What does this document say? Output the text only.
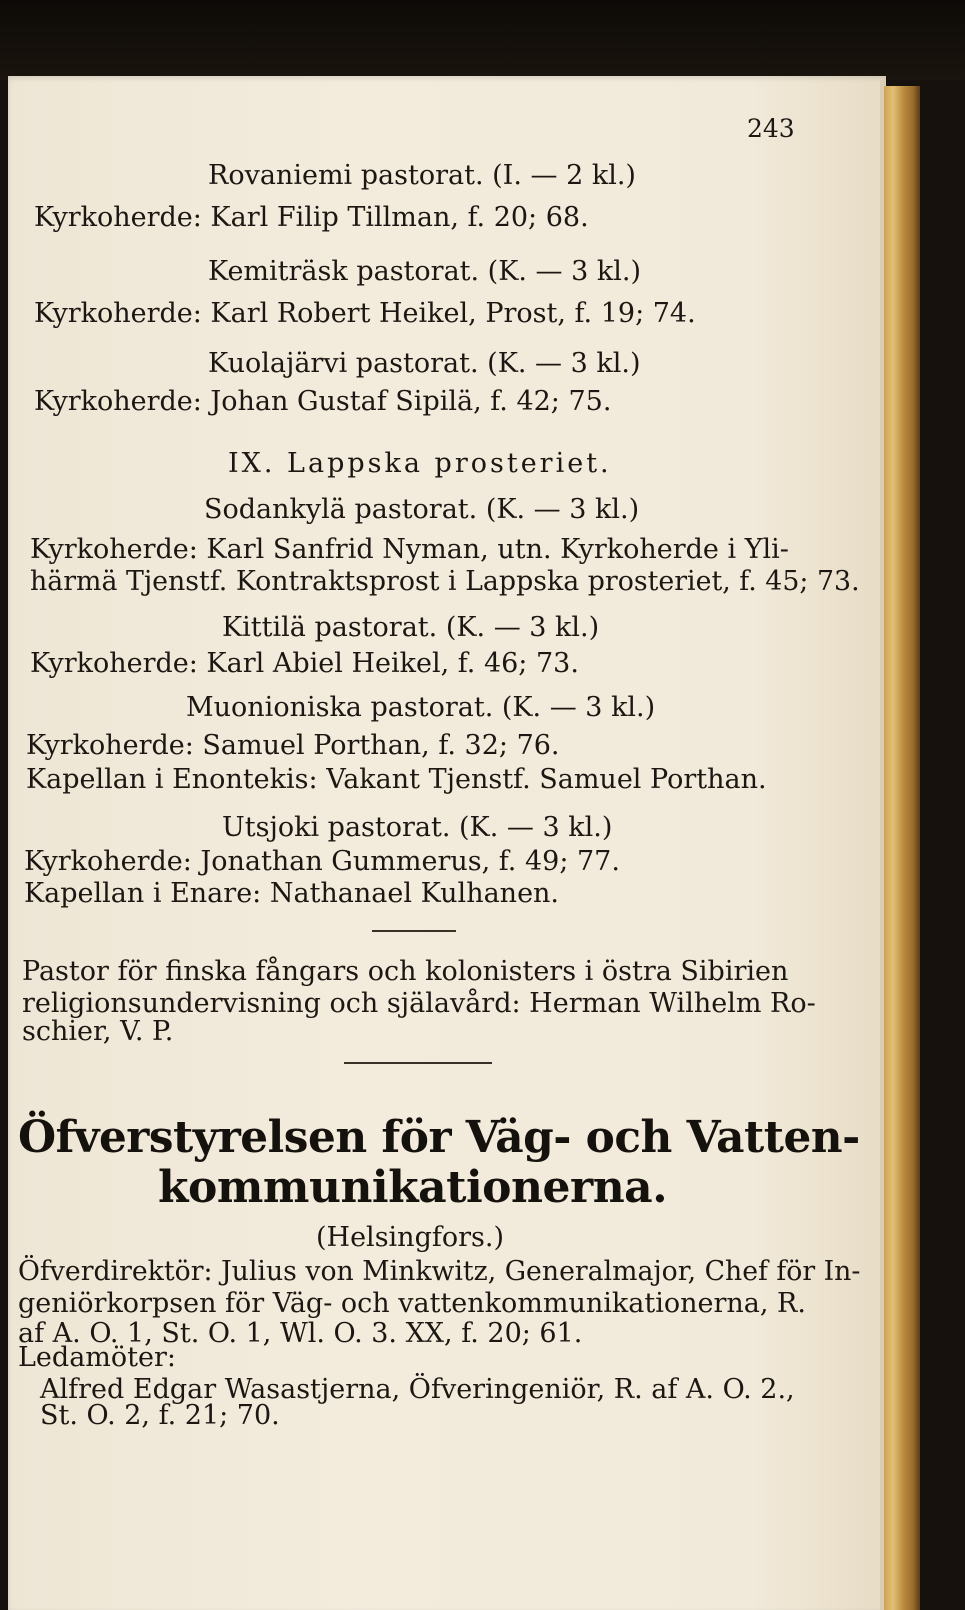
243
Rovaniemi pastorat. (I. — 2 kl.)
Kyrkoherde: Karl Filip Tillman, f. 20; 68.
Kemiträsk pastorat. (K. — 3 kl.)
Kyrkoherde: Karl Robert Heikel, Prost, f. 19; 74.
Kuolajärvi pastorat. (K. — 3 kl.)
Kyrkoherde: Johan Gustaf Sipilä, f. 42; 75.
IX. Lappska prosteriet.
Sodankylä pastorat. (K. — 3 kl.)
Kyrkoherde: Karl Sanfrid Nyman, utn. Kyrkoherde i Yli-
härmä Tjenstf. Kontraktsprost i Lappska prosteriet, f. 45; 73.
Kittilä pastorat. (K. — 3 kl.)
Kyrkoherde: Karl Abiel Heikel, f. 46; 73.
Muonioniska pastorat. (K. — 3 kl.)
Kyrkoherde: Samuel Porthan, f. 32; 76.
Kapellan i Enontekis: Vakant Tjenstf. Samuel Porthan.
Utsjoki pastorat. (K. — 3 kl.)
Kyrkoherde: Jonathan Gummerus, f. 49; 77.
Kapellan i Enare: Nathanael Kulhanen.
Pastor för finska fångars och kolonisters i östra Sibirien
religionsundervisning och själavård: Herman Wilhelm Ro-
schier, V. P.
Öfverstyrelsen för Väg- och Vatten-
kommunikationerna.
(Helsingfors.)
Öfverdirektör: Julius von Minkwitz, Generalmajor, Chef för In-
geniörkorpsen för Väg- och vattenkommunikationerna, R.
af A. O. 1, St. O. 1, Wl. O. 3. XX, f. 20; 61.
Ledamöter:
Alfred Edgar Wasastjerna, Öfveringeniör, R. af A. O. 2.,
St. O. 2, f. 21; 70.
